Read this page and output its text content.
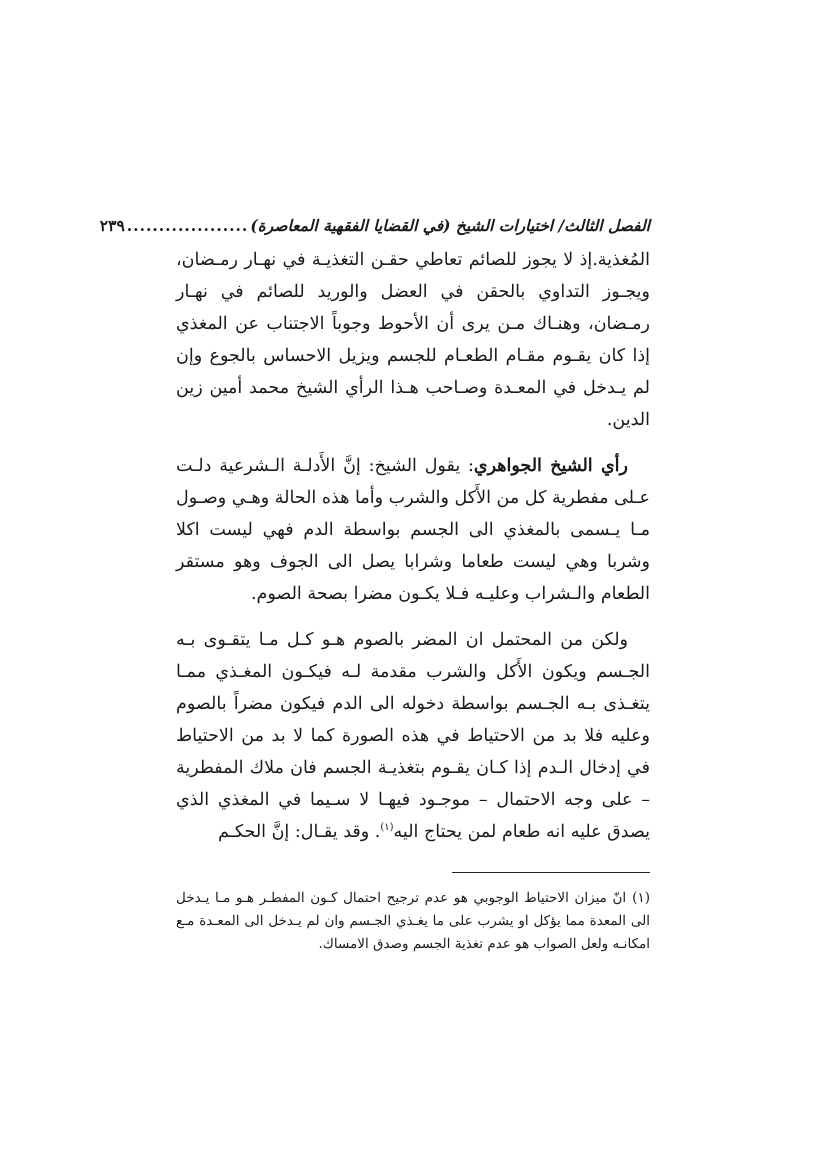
الفصل الثالث/ اختيارات الشيخ (في القضايا الفقهية المعاصرة)
...................
٢٣٩

المُغذية.إذ لا يجوز للصائم تعاطي حقـن التغذيـة في نهـار رمـضان، ويجـوز التداوي بالحقن في العضل والوريد للصائم في نهـار رمـضان، وهنـاك مـن يرى أن الأحوط وجوباً الاجتناب عن المغذي إذا كان يقـوم مقـام الطعـام للجسم ويزيل الاحساس بالجوع وإن لم يـدخل في المعـدة وصـاحب هـذا الرأي الشيخ محمد أمين زين الدين.

رأي الشيخ الجواهري: يقول الشيخ: إنَّ الأَدلـة الـشرعية دلـت عـلى مفطرية كل من الأَكل والشرب وأما هذه الحالة وهـي وصـول مـا يـسمى بالمغذي الى الجسم بواسطة الدم فهي ليست اكلا وشربا وهي ليست طعاما وشرابا يصل الى الجوف وهو مستقر الطعام والـشراب وعليـه فـلا يكـون مضرا بصحة الصوم.

ولكن من المحتمل ان المضر بالصوم هـو كـل مـا يتقـوى بـه الجـسم ويكون الأَكل والشرب مقدمة لـه فيكـون المغـذي ممـا يتغـذى بـه الجـسم بواسطة دخوله الى الدم فيكون مضراً بالصوم وعليه فلا بد من الاحتياط في هذه الصورة كما لا بد من الاحتياط في إدخال الـدم إذا كـان يقـوم بتغذيـة الجسم فان ملاك المفطرية – على وجه الاحتمال – موجـود فيهـا لا سـيما في المغذي الذي يصدق عليه انه طعام لمن يحتاج اليه$^{(١)}$. وقد يقـال: إنَّ الحكـم

(١)انّ ميزان الاحتياط الوجوبي هو عدم ترجيح احتمال كـون المفطـر هـو مـا يـدخل الى المعدة مما يؤكل او يشرب على ما يغـذي الجـسم وان لم يـدخل الى المعـدة مـع امكانـه ولعل الصواب هو عدم تغذية الجسم وصدق الامساك.
